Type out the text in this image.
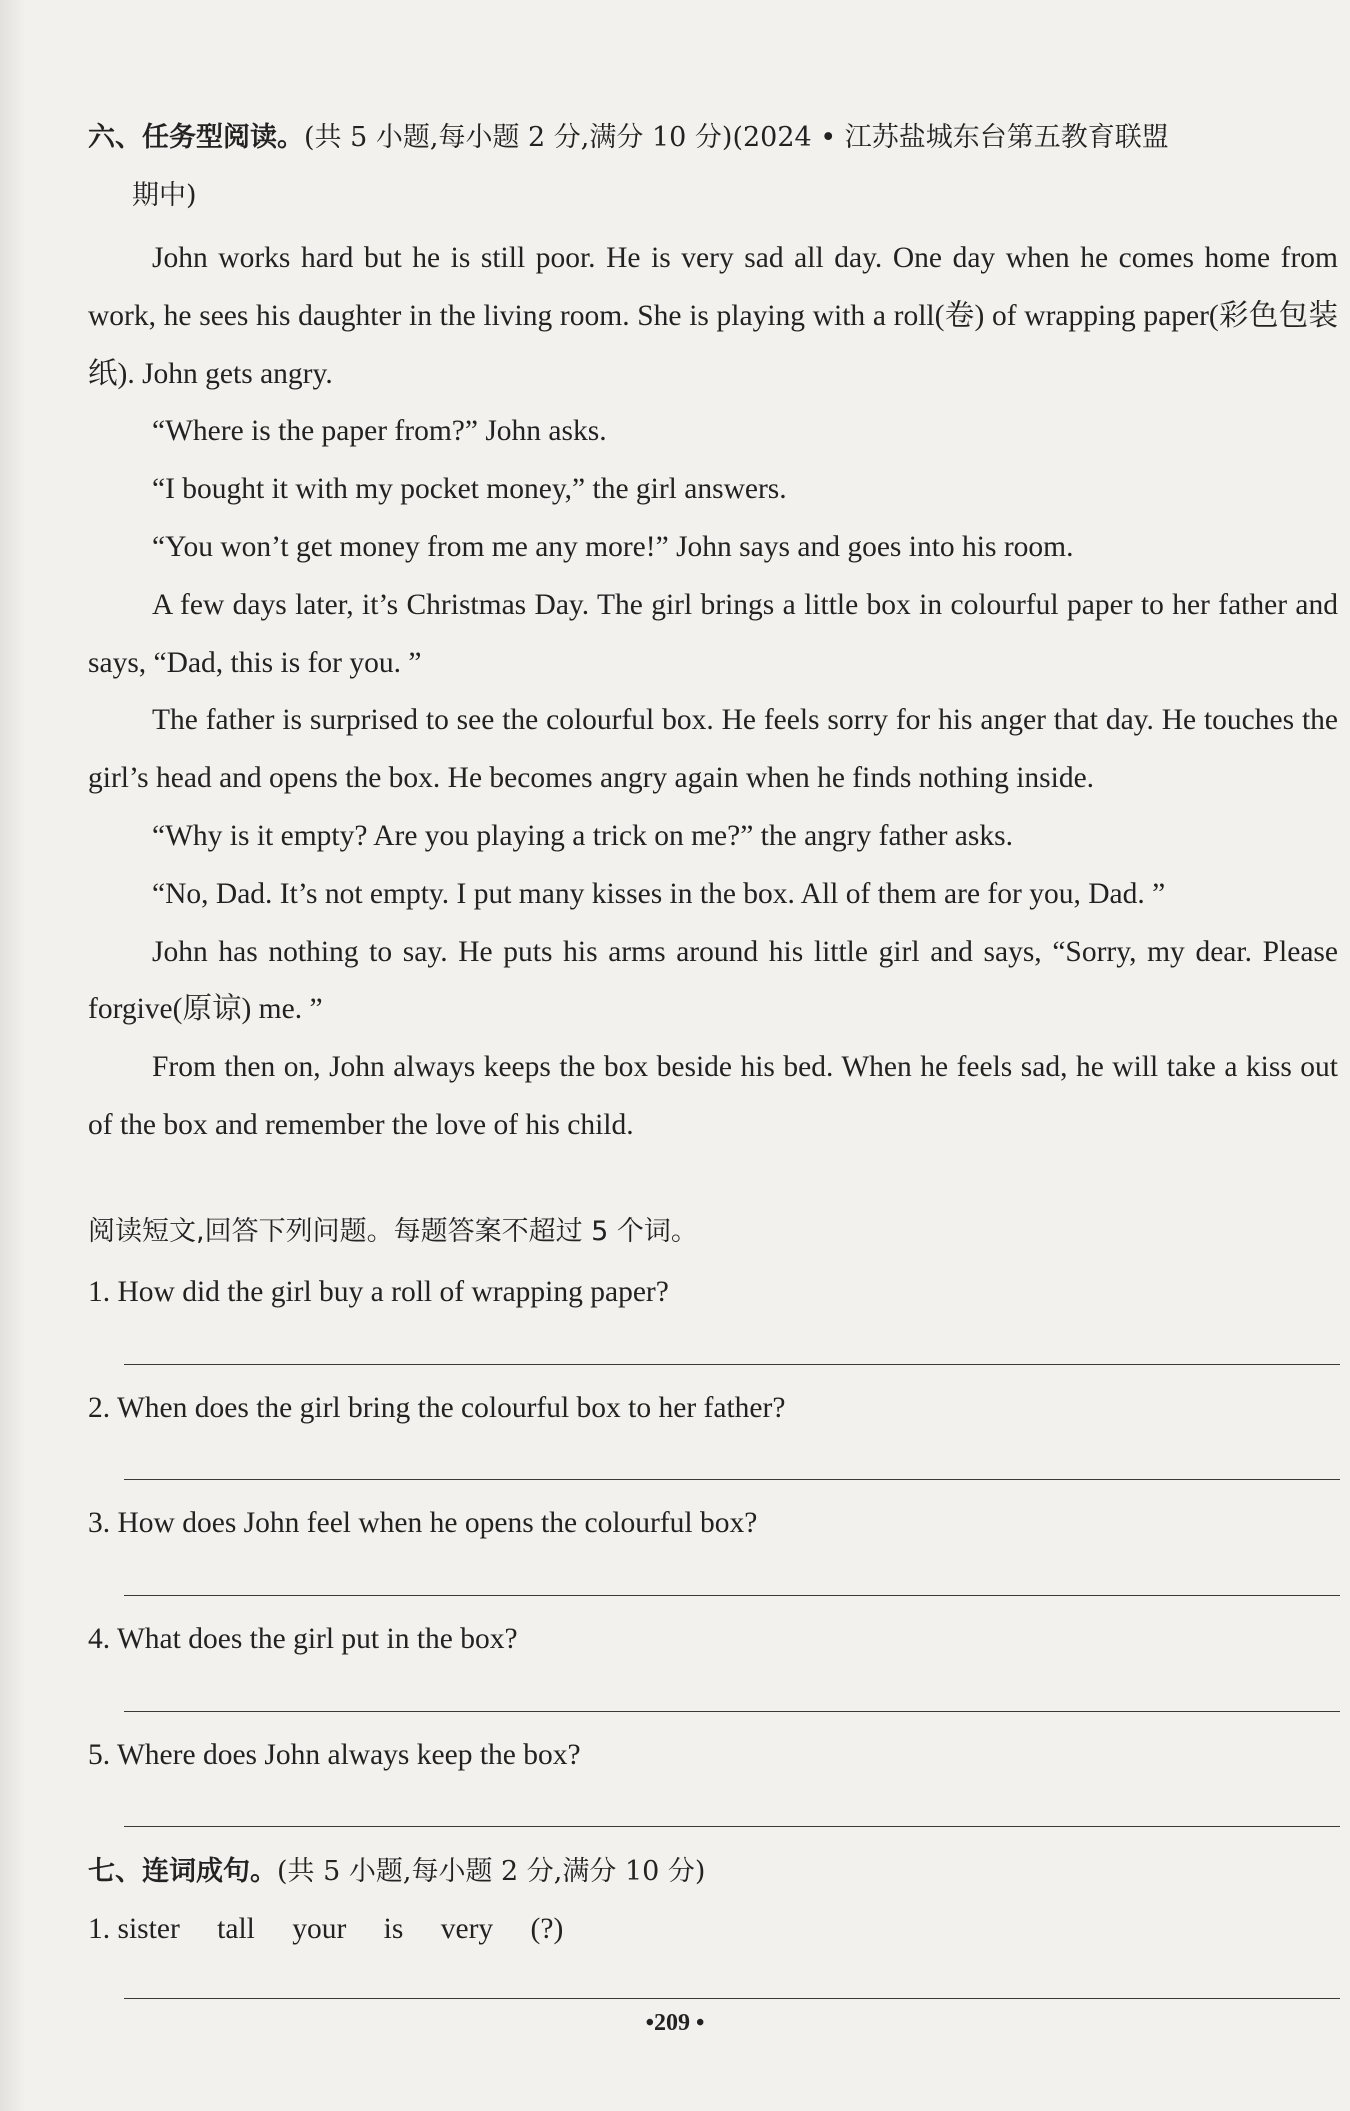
六、任务型阅读。(共 5 小题,每小题 2 分,满分 10 分)(2024 • 江苏盐城东台第五教育联盟
期中)

John works hard but he is still poor. He is very sad all day. One day when he comes home from work, he sees his daughter in the living room. She is playing with a roll(卷) of wrapping paper(彩色包装纸). John gets angry.

“Where is the paper from?” John asks.

“I bought it with my pocket money,” the girl answers.

“You won’t get money from me any more!” John says and goes into his room.

A few days later, it’s Christmas Day. The girl brings a little box in colourful paper to her father and says, “Dad, this is for you. ”

The father is surprised to see the colourful box. He feels sorry for his anger that day. He touches the girl’s head and opens the box. He becomes angry again when he finds nothing inside.

“Why is it empty? Are you playing a trick on me?” the angry father asks.

“No, Dad. It’s not empty. I put many kisses in the box. All of them are for you, Dad. ”

John has nothing to say. He puts his arms around his little girl and says, “Sorry, my dear. Please forgive(原谅) me. ”

From then on, John always keeps the box beside his bed. When he feels sad, he will take a kiss out of the box and remember the love of his child.

阅读短文,回答下列问题。每题答案不超过 5 个词。
1. How did the girl buy a roll of wrapping paper?
2. When does the girl bring the colourful box to her father?
3. How does John feel when he opens the colourful box?
4. What does the girl put in the box?
5. Where does John always keep the box?
七、连词成句。(共 5 小题,每小题 2 分,满分 10 分)
1. sister tall your is very (?)
•209 •
